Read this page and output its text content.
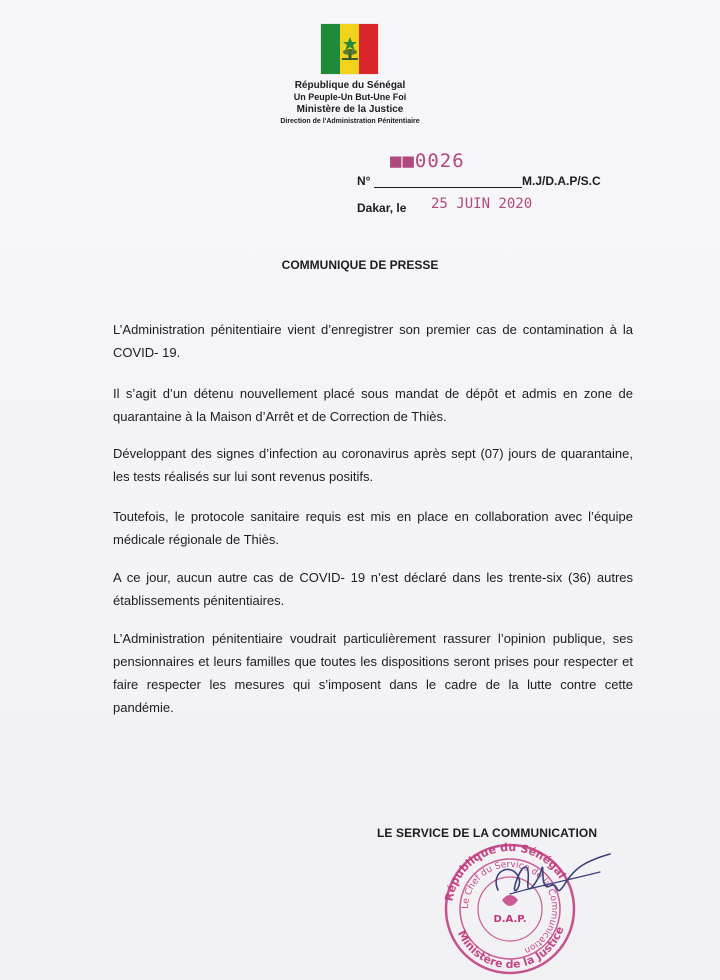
République du Sénégal
Un Peuple-Un But-Une Foi
Ministère de la Justice
Direction de l'Administration Pénitentiaire
■■0026
N°	M.J/D.A.P/S.C
Dakar, le 25 JUIN 2020
COMMUNIQUE DE PRESSE
L’Administration pénitentiaire vient d’enregistrer son premier cas de contamination à la COVID- 19.
Il s’agit d’un détenu nouvellement placé sous mandat de dépôt et admis en zone de quarantaine à la Maison d’Arrêt et de Correction de Thiès.
Développant des signes d’infection au coronavirus après sept (07) jours de quarantaine, les tests réalisés sur lui sont revenus positifs.
Toutefois, le protocole sanitaire requis est mis en place en collaboration avec l’équipe médicale régionale de Thiès.
A ce jour, aucun autre cas de COVID- 19 n’est déclaré dans les trente-six (36) autres établissements pénitentiaires.
L’Administration pénitentiaire voudrait particulièrement rassurer l’opinion publique, ses pensionnaires et leurs familles que toutes les dispositions seront prises pour respecter et faire respecter les mesures qui s’imposent dans le cadre de la lutte contre cette pandémie.
LE SERVICE DE LA COMMUNICATION
République du Sénégal
Le Chef du Service de la Communication
Ministère de la Justice
D.A.P.
